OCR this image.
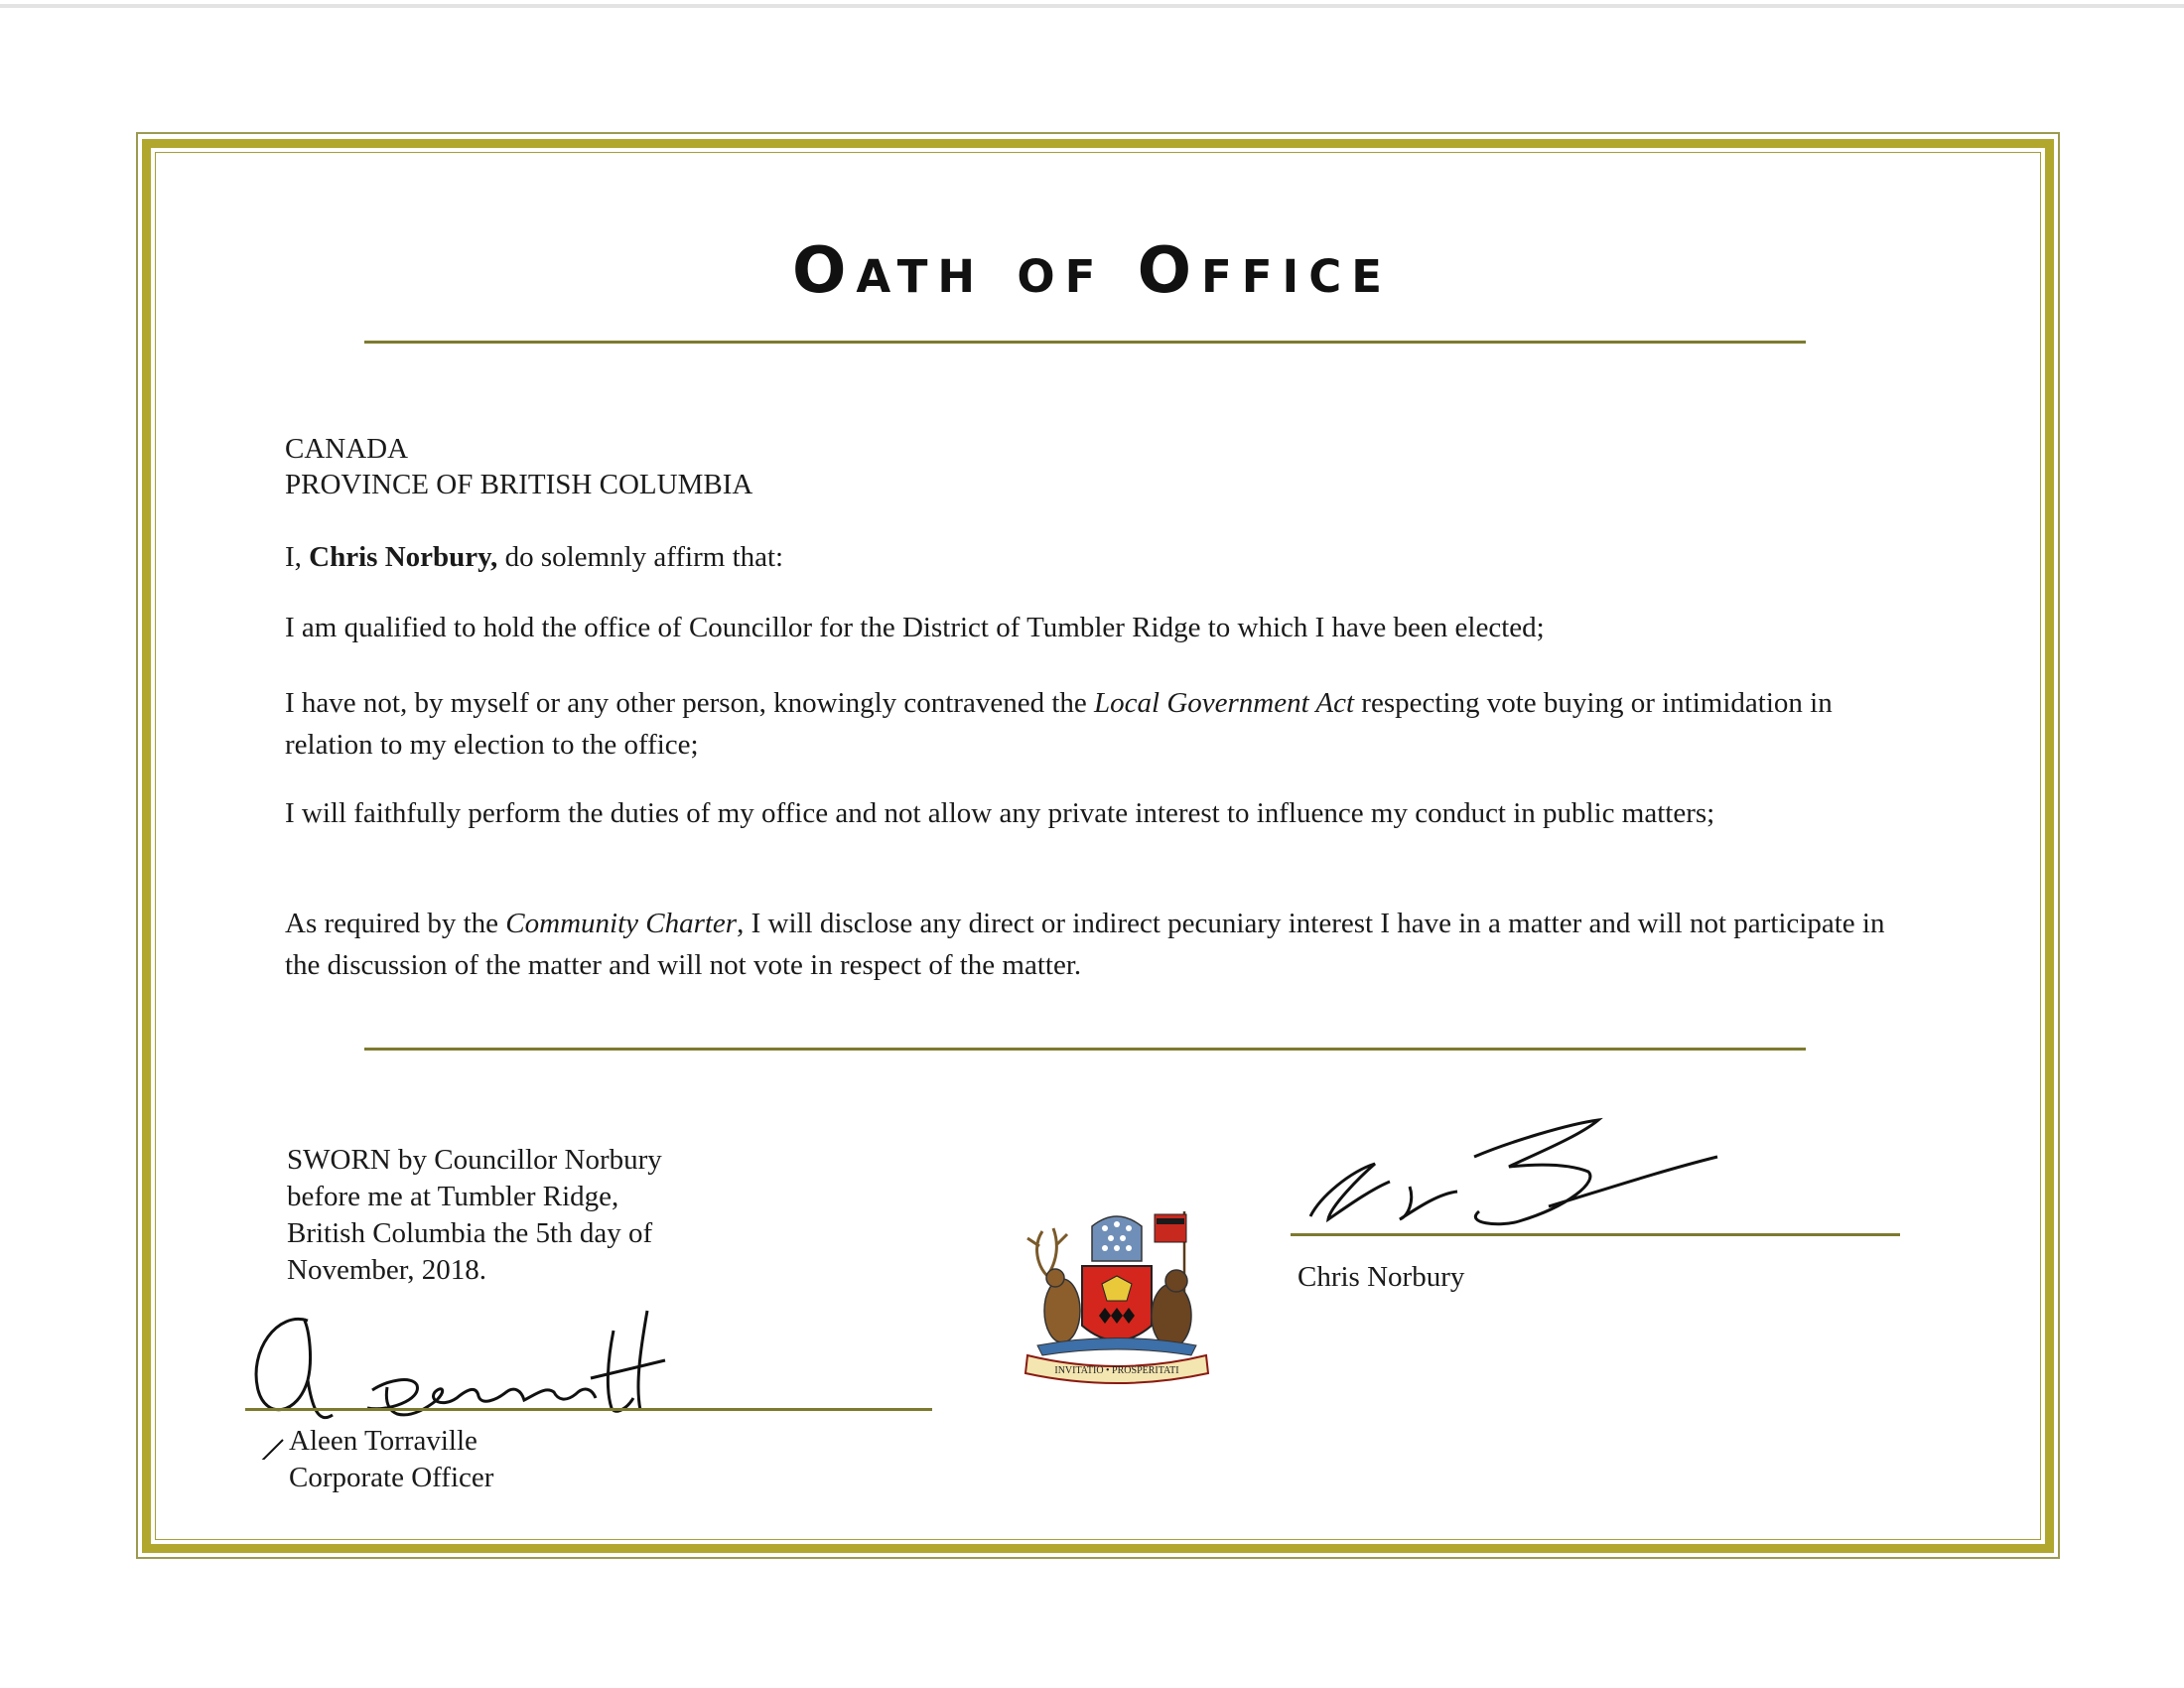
Oath of Office
CANADA
PROVINCE OF BRITISH COLUMBIA
I, Chris Norbury, do solemnly affirm that:
I am qualified to hold the office of Councillor for the District of Tumbler Ridge to which I have been elected;
I have not, by myself or any other person, knowingly contravened the Local Government Act respecting vote buying or intimidation in relation to my election to the office;
I will faithfully perform the duties of my office and not allow any private interest to influence my conduct in public matters;
As required by the Community Charter, I will disclose any direct or indirect pecuniary interest I have in a matter and will not participate in the discussion of the matter and will not vote in respect of the matter.
SWORN by Councillor Norbury
before me at Tumbler Ridge,
British Columbia the 5th day of
November, 2018.
Aleen Torraville
Corporate Officer
INVITATIO • PROSPERITATI
Chris Norbury
